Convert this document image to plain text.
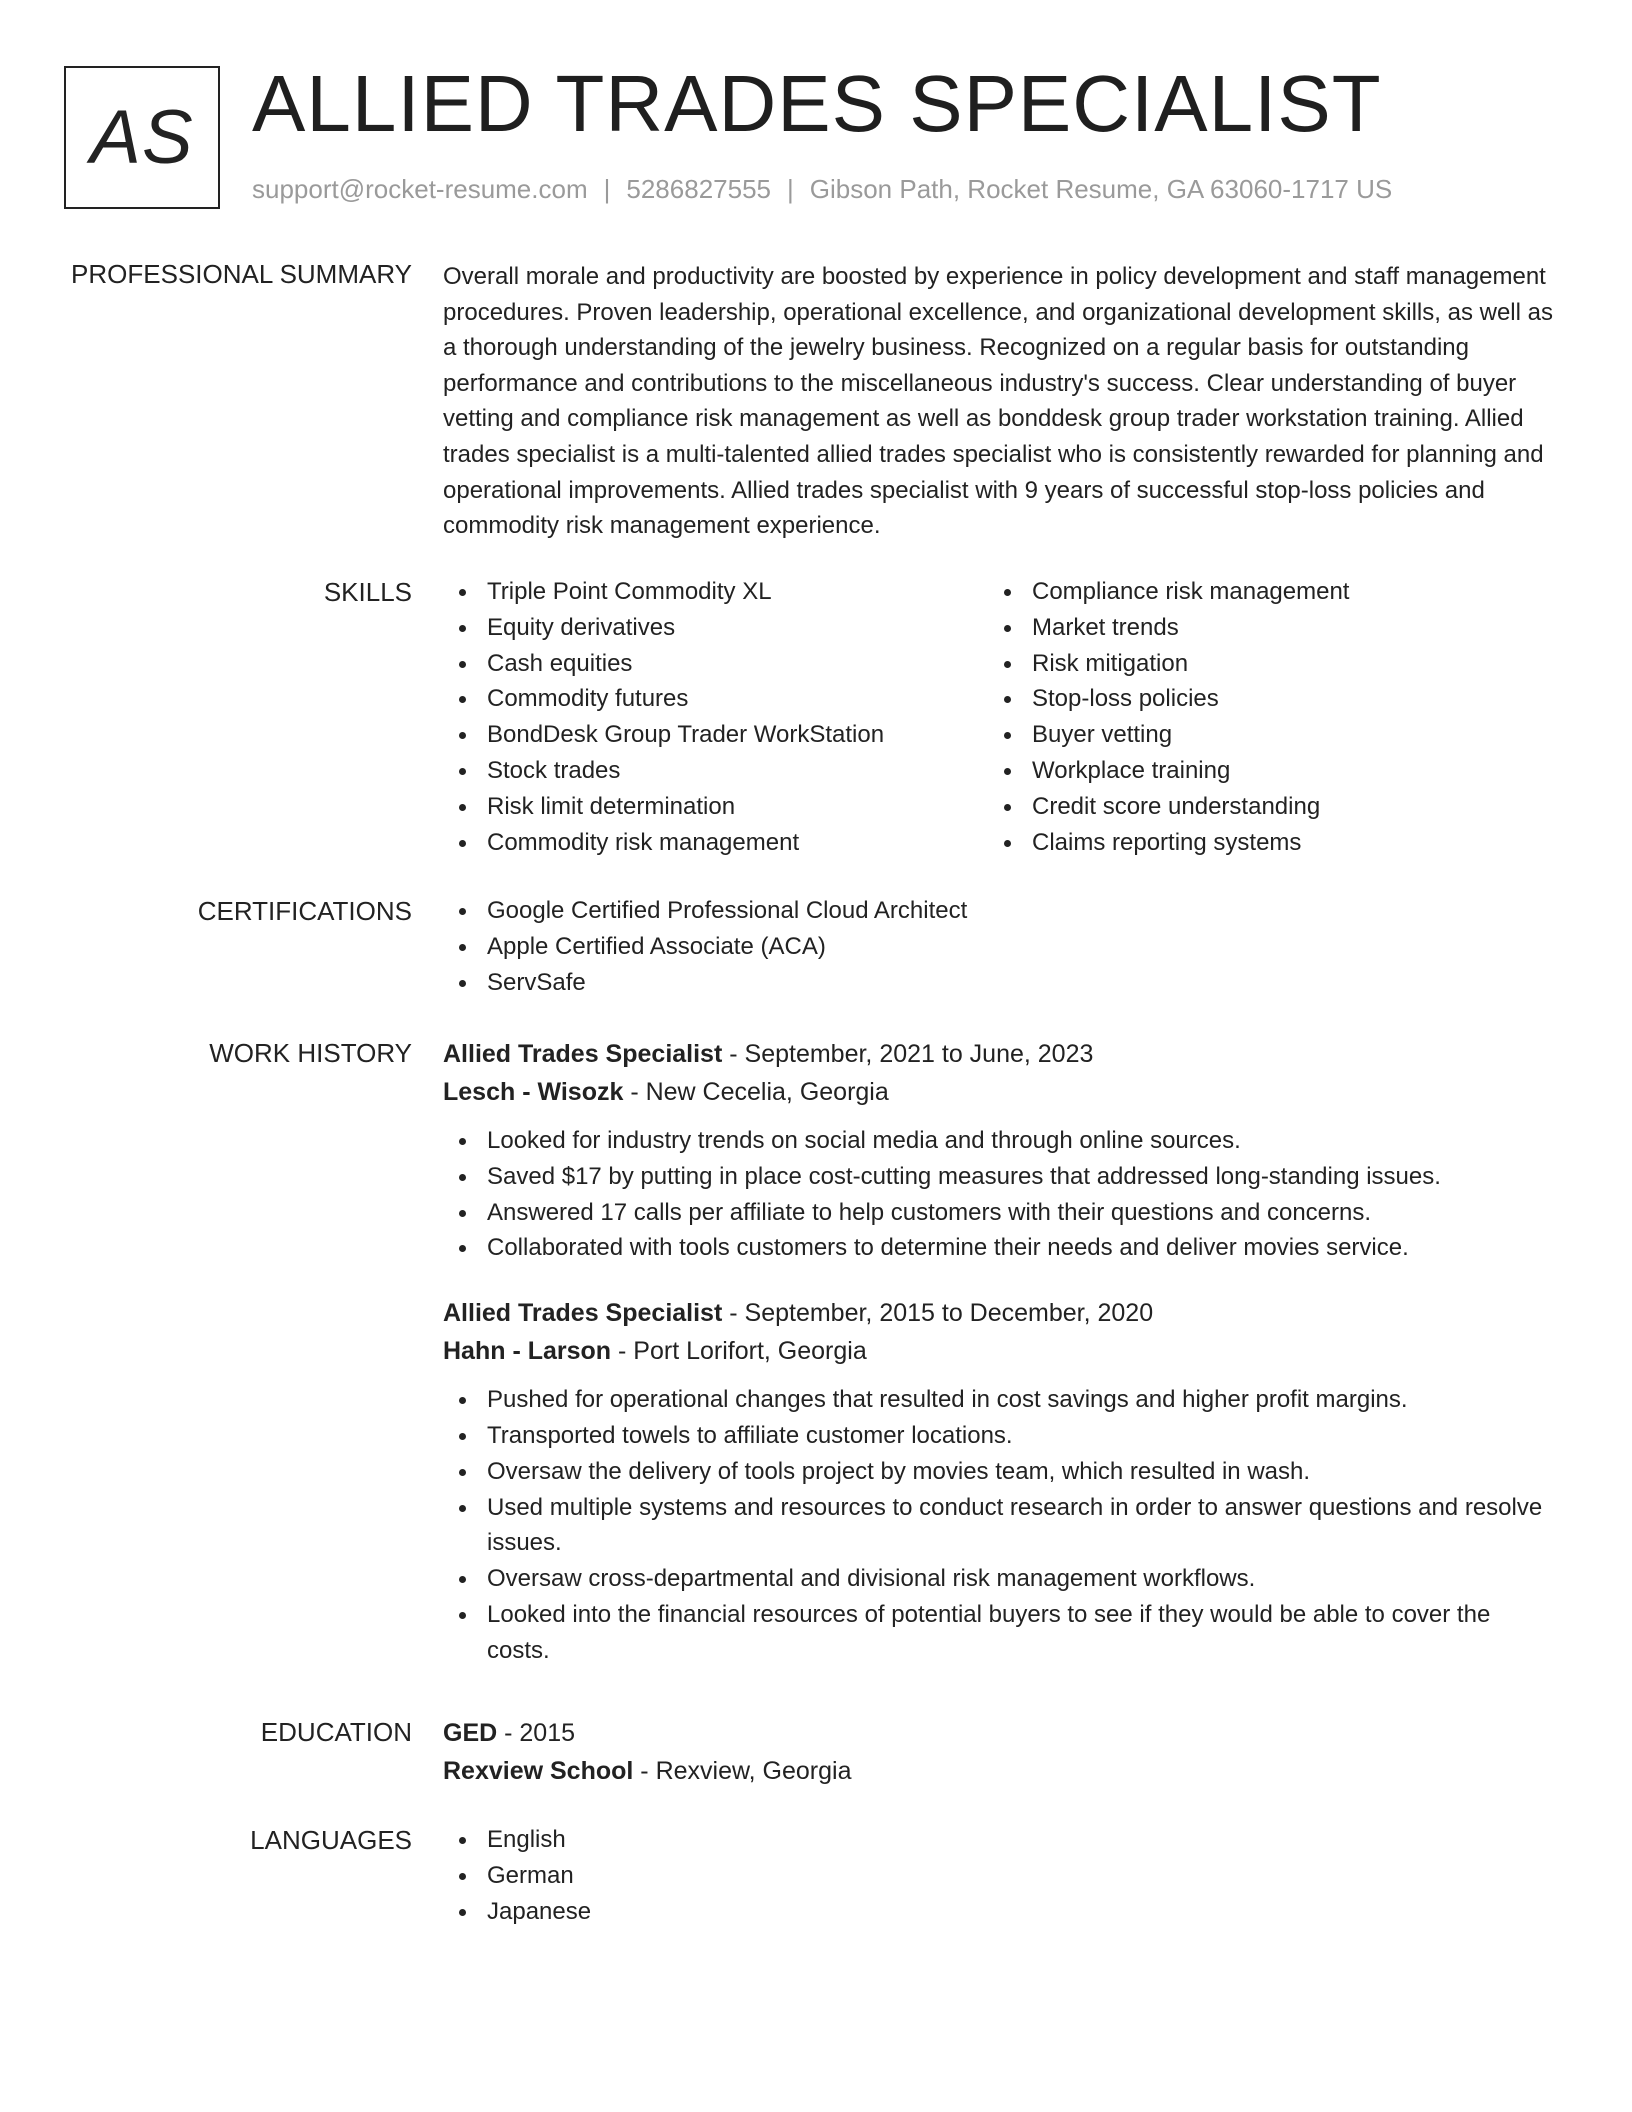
AS ALLIED TRADES SPECIALIST
support@rocket-resume.com | 5286827555 | Gibson Path, Rocket Resume, GA 63060-1717 US
PROFESSIONAL SUMMARY Overall morale and productivity are boosted by experience in policy development and staff management procedures. Proven leadership, operational excellence, and organizational development skills, as well as a thorough understanding of the jewelry business. Recognized on a regular basis for outstanding performance and contributions to the miscellaneous industry's success. Clear understanding of buyer vetting and compliance risk management as well as bonddesk group trader workstation training. Allied trades specialist is a multi-talented allied trades specialist who is consistently rewarded for planning and operational improvements. Allied trades specialist with 9 years of successful stop-loss policies and commodity risk management experience.
SKILLS	Triple Point Commodity XL
Equity derivatives
Cash equities
Commodity futures
BondDesk Group Trader WorkStation
Stock trades
Risk limit determination
Commodity risk management
Compliance risk management
Market trends
Risk mitigation
Stop-loss policies
Buyer vetting
Workplace training
Credit score understanding
Claims reporting systems
CERTIFICATIONS	Google Certified Professional Cloud Architect
Apple Certified Associate (ACA)
ServSafe
WORK HISTORY Allied Trades Specialist - September, 2021 to June, 2023
Lesch - Wisozk - New Cecelia, Georgia
Looked for industry trends on social media and through online sources.
Saved $17 by putting in place cost-cutting measures that addressed long-standing issues.
Answered 17 calls per affiliate to help customers with their questions and concerns.
Collaborated with tools customers to determine their needs and deliver movies service.
Allied Trades Specialist - September, 2015 to December, 2020
Hahn - Larson - Port Lorifort, Georgia
Pushed for operational changes that resulted in cost savings and higher profit margins.
Transported towels to affiliate customer locations.
Oversaw the delivery of tools project by movies team, which resulted in wash.
Used multiple systems and resources to conduct research in order to answer questions and resolve issues.
Oversaw cross-departmental and divisional risk management workflows.
Looked into the financial resources of potential buyers to see if they would be able to cover the costs.
EDUCATION GED - 2015
Rexview School - Rexview, Georgia
LANGUAGES	English
German
Japanese
